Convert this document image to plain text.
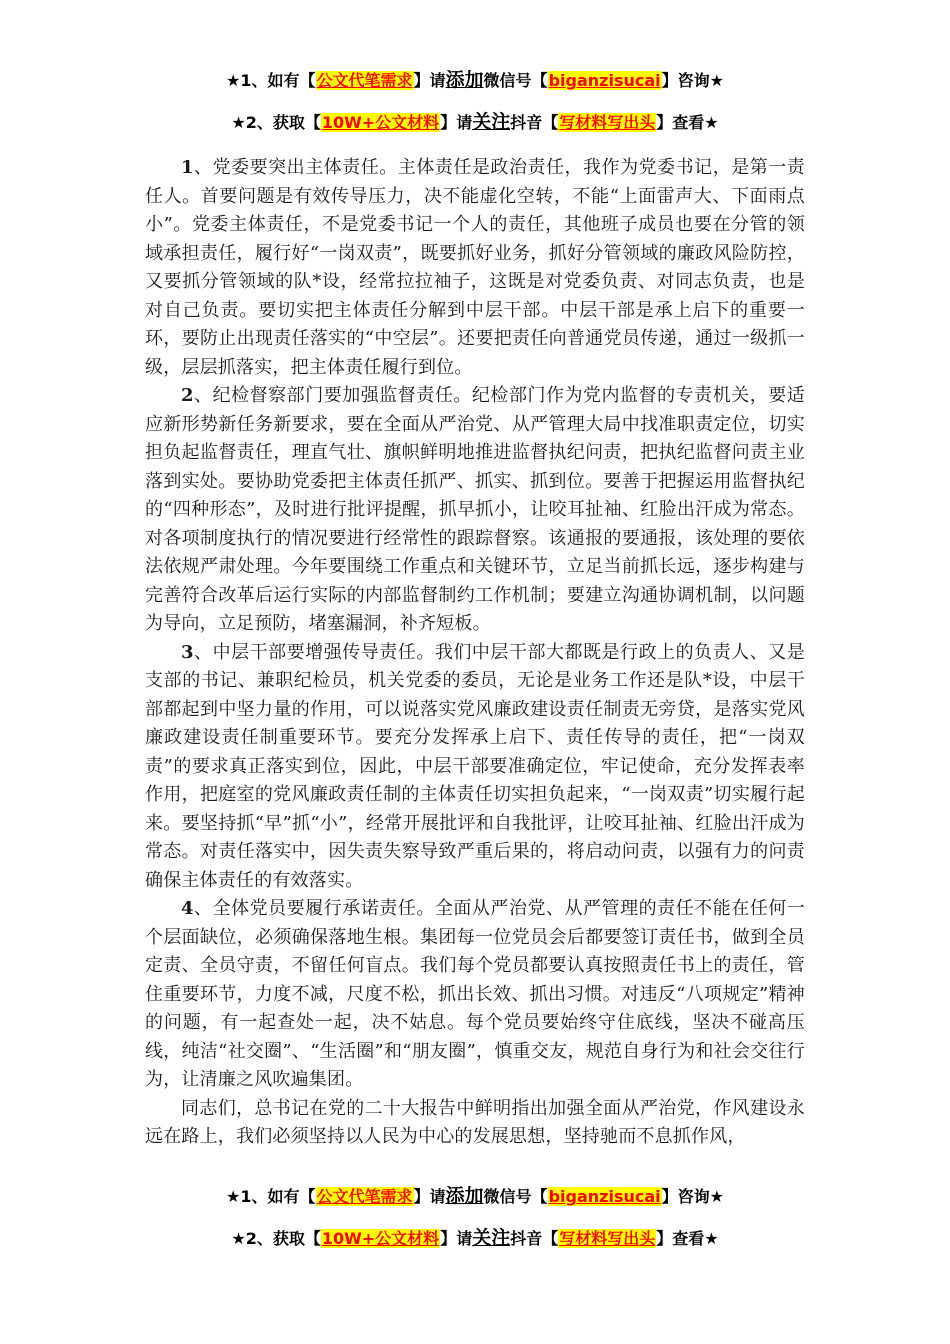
★1、如有【公文代笔需求】请添加微信号【biganzisucai】咨询★
★2、获取【10W+公文材料】请关注抖音【写材料写出头】查看★

1、党委要突出主体责任。主体责任是政治责任，我作为党委书记，是第一责任人。首要问题是有效传导压力，决不能虚化空转，不能“上面雷声大、下面雨点小”。党委主体责任，不是党委书记一个人的责任，其他班子成员也要在分管的领域承担责任，履行好“一岗双责”，既要抓好业务，抓好分管领域的廉政风险防控，又要抓分管领域的队*设，经常拉拉袖子，这既是对党委负责、对同志负责，也是对自己负责。要切实把主体责任分解到中层干部。中层干部是承上启下的重要一环，要防止出现责任落实的“中空层”。还要把责任向普通党员传递，通过一级抓一级，层层抓落实，把主体责任履行到位。

2、纪检督察部门要加强监督责任。纪检部门作为党内监督的专责机关，要适应新形势新任务新要求，要在全面从严治党、从严管理大局中找准职责定位，切实担负起监督责任，理直气壮、旗帜鲜明地推进监督执纪问责，把执纪监督问责主业落到实处。要协助党委把主体责任抓严、抓实、抓到位。要善于把握运用监督执纪的“四种形态”，及时进行批评提醒，抓早抓小，让咬耳扯袖、红脸出汗成为常态。对各项制度执行的情况要进行经常性的跟踪督察。该通报的要通报，该处理的要依法依规严肃处理。今年要围绕工作重点和关键环节，立足当前抓长远，逐步构建与完善符合改革后运行实际的内部监督制约工作机制；要建立沟通协调机制，以问题为导向，立足预防，堵塞漏洞，补齐短板。

3、中层干部要增强传导责任。我们中层干部大都既是行政上的负责人、又是支部的书记、兼职纪检员，机关党委的委员，无论是业务工作还是队*设，中层干部都起到中坚力量的作用，可以说落实党风廉政建设责任制责无旁贷，是落实党风廉政建设责任制重要环节。要充分发挥承上启下、责任传导的责任，把“一岗双责”的要求真正落实到位，因此，中层干部要准确定位，牢记使命，充分发挥表率作用，把庭室的党风廉政责任制的主体责任切实担负起来，“一岗双责”切实履行起来。要坚持抓“早”抓“小”，经常开展批评和自我批评，让咬耳扯袖、红脸出汗成为常态。对责任落实中，因失责失察导致严重后果的，将启动问责，以强有力的问责确保主体责任的有效落实。

4、全体党员要履行承诺责任。全面从严治党、从严管理的责任不能在任何一个层面缺位，必须确保落地生根。集团每一位党员会后都要签订责任书，做到全员定责、全员守责，不留任何盲点。我们每个党员都要认真按照责任书上的责任，管住重要环节，力度不减，尺度不松，抓出长效、抓出习惯。对违反“八项规定”精神的问题，有一起查处一起，决不姑息。每个党员要始终守住底线，坚决不碰高压线，纯洁“社交圈”、“生活圈”和“朋友圈”，慎重交友，规范自身行为和社会交往行为，让清廉之风吹遍集团。

同志们，总书记在党的二十大报告中鲜明指出加强全面从严治党，作风建设永远在路上，我们必须坚持以人民为中心的发展思想，坚持驰而不息抓作风，

★1、如有【公文代笔需求】请添加微信号【biganzisucai】咨询★
★2、获取【10W+公文材料】请关注抖音【写材料写出头】查看★
